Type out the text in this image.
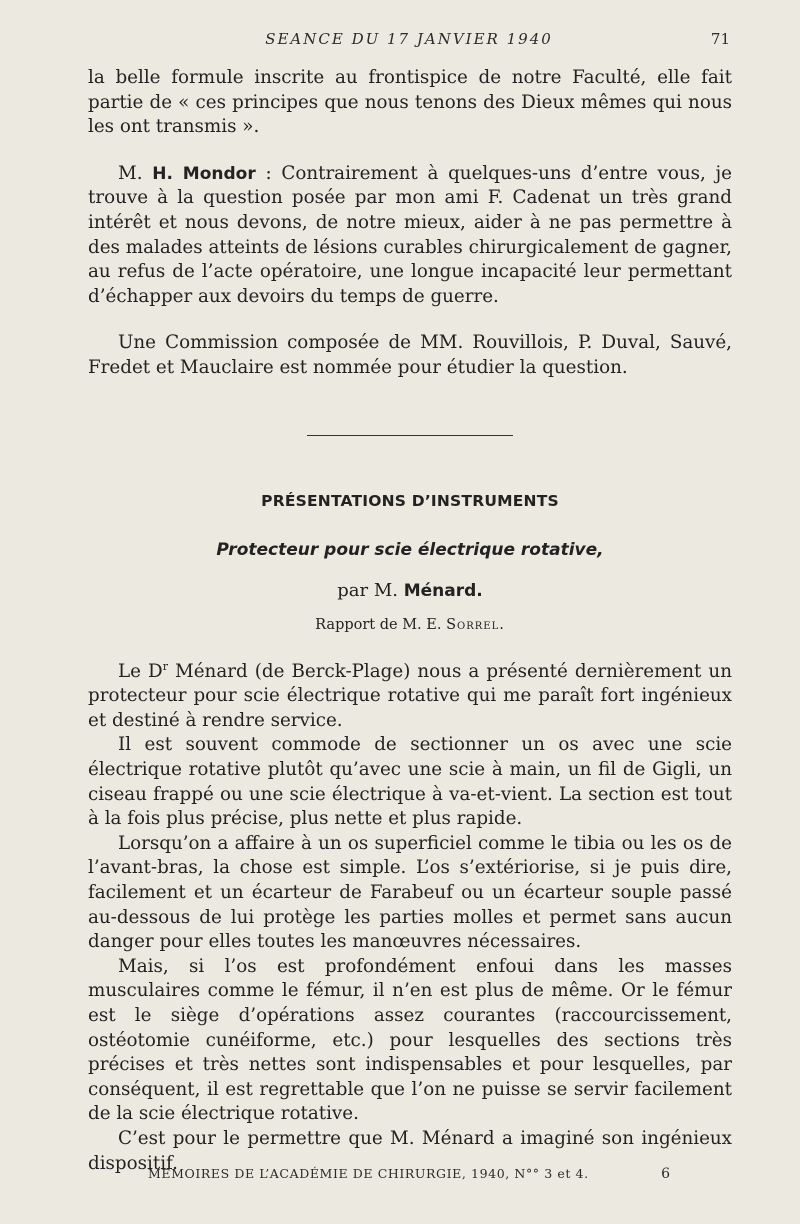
SEANCE DU 17 JANVIER 1940	71

la belle formule inscrite au frontispice de notre Faculté, elle fait partie de « ces principes que nous tenons des Dieux mêmes qui nous les ont transmis ».

M. H. Mondor : Contrairement à quelques-uns d’entre vous, je trouve à la question posée par mon ami F. Cadenat un très grand intérêt et nous devons, de notre mieux, aider à ne pas permettre à des malades atteints de lésions curables chirurgicalement de gagner, au refus de l’acte opératoire, une longue incapacité leur permettant d’échapper aux devoirs du temps de guerre.

Une Commission composée de MM. Rouvillois, P. Duval, Sauvé, Fredet et Mauclaire est nommée pour étudier la question.

PRÉSENTATIONS D’INSTRUMENTS
Protecteur pour scie électrique rotative,
par M. Ménard.
Rapport de M. E. Sorrel.

Le $D^r$ Ménard (de Berck-Plage) nous a présenté dernièrement un protecteur pour scie électrique rotative qui me paraît fort ingénieux et destiné à rendre service.

Il est souvent commode de sectionner un os avec une scie électrique rotative plutôt qu’avec une scie à main, un fil de Gigli, un ciseau frappé ou une scie électrique à va-et-vient. La section est tout à la fois plus précise, plus nette et plus rapide.

Lorsqu’on a affaire à un os superficiel comme le tibia ou les os de l’avant-bras, la chose est simple. L’os s’extériorise, si je puis dire, facilement et un écarteur de Farabeuf ou un écarteur souple passé au-dessous de lui protège les parties molles et permet sans aucun danger pour elles toutes les manœuvres nécessaires.

Mais, si l’os est profondément enfoui dans les masses musculaires comme le fémur, il n’en est plus de même. Or le fémur est le siège d’opérations assez courantes (raccourcissement, ostéotomie cunéiforme, etc.) pour lesquelles des sections très précises et très nettes sont indispensables et pour lesquelles, par conséquent, il est regrettable que l’on ne puisse se servir facilement de la scie électrique rotative.

C’est pour le permettre que M. Ménard a imaginé son ingénieux dispositif.

MEMOIRES DE L’ACADÉMIE DE CHIRURGIE, 1940, N°° 3 et 4.	6
